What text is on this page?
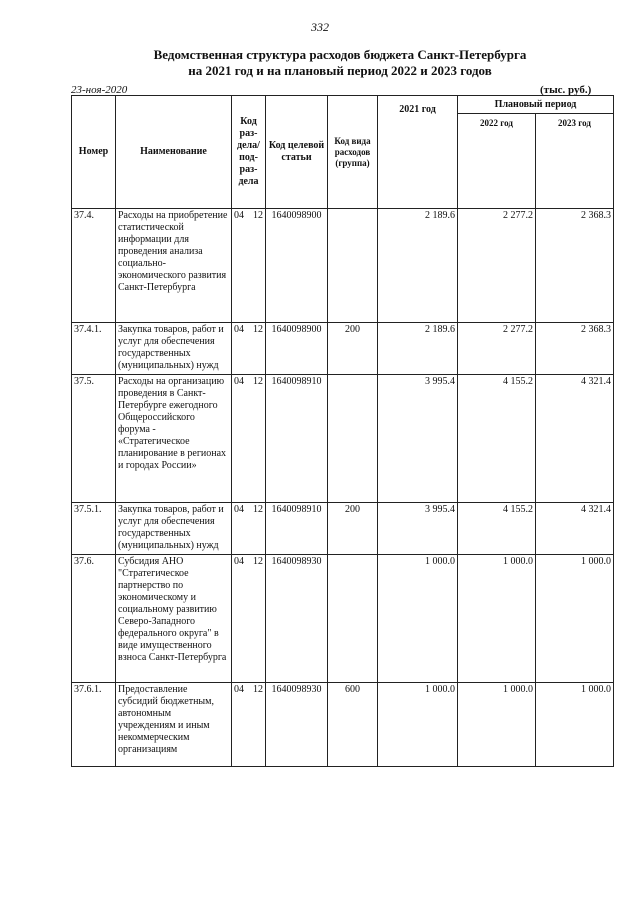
332
Ведомственная структура расходов бюджета Санкт-Петербурга
на 2021 год и на плановый период 2022 и 2023 годов
23-ноя-2020	(тыс. руб.)
Номер	Наименование	Код раз-дела/ под-раз-дела	Код целевой статьи	Код вида расходов (группа)	2021 год	Плановый период	
						2022 год	2023 год
37.4.	Расходы на приобретение статистической информации для проведения анализа социально-экономического развития Санкт-Петербурга	04 12	1640098900		2 189.6	2 277.2	2 368.3
37.4.1.	Закупка товаров, работ и услуг для обеспечения государственных (муниципальных) нужд	04 12	1640098900	200	2 189.6	2 277.2	2 368.3
37.5.	Расходы на организацию проведения в Санкт-Петербурге ежегодного Общероссийского форума - «Стратегическое планирование в регионах и городах России»	04 12	1640098910		3 995.4	4 155.2	4 321.4
37.5.1.	Закупка товаров, работ и услуг для обеспечения государственных (муниципальных) нужд	04 12	1640098910	200	3 995.4	4 155.2	4 321.4
37.6.	Субсидия АНО "Стратегическое партнерство по экономическому и социальному развитию Северо-Западного федерального округа" в виде имущественного взноса Санкт-Петербурга	04 12	1640098930		1 000.0	1 000.0	1 000.0
37.6.1.	Предоставление субсидий бюджетным, автономным учреждениям и иным некоммерческим организациям	04 12	1640098930	600	1 000.0	1 000.0	1 000.0
